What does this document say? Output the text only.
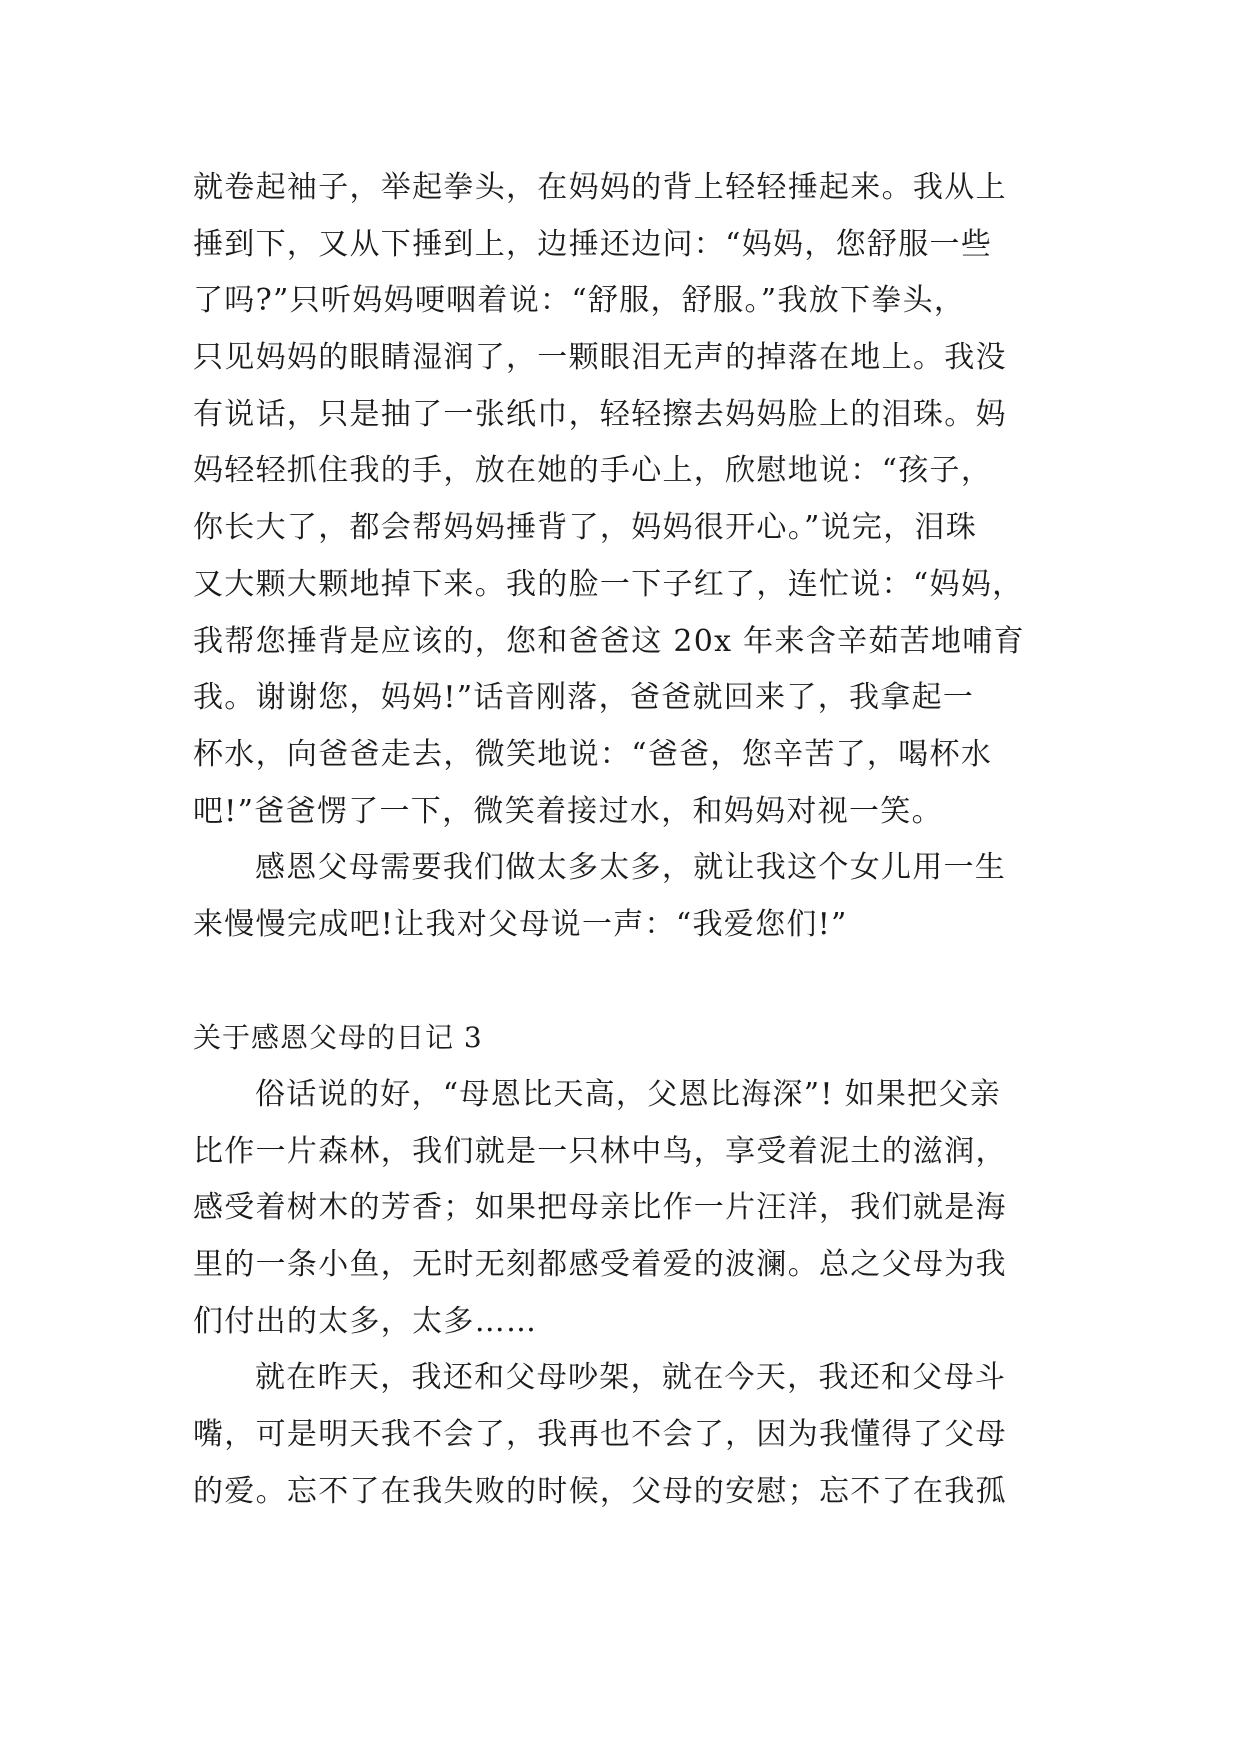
就卷起袖子，举起拳头，在妈妈的背上轻轻捶起来。我从上
捶到下，又从下捶到上，边捶还边问：“妈妈，您舒服一些
了吗?”只听妈妈哽咽着说：“舒服，舒服。”我放下拳头，
只见妈妈的眼睛湿润了，一颗眼泪无声的掉落在地上。我没
有说话，只是抽了一张纸巾，轻轻擦去妈妈脸上的泪珠。妈
妈轻轻抓住我的手，放在她的手心上，欣慰地说：“孩子，
你长大了，都会帮妈妈捶背了，妈妈很开心。”说完，泪珠
又大颗大颗地掉下来。我的脸一下子红了，连忙说：“妈妈，
我帮您捶背是应该的，您和爸爸这 20x 年来含辛茹苦地哺育
我。谢谢您，妈妈!”话音刚落，爸爸就回来了，我拿起一
杯水，向爸爸走去，微笑地说：“爸爸，您辛苦了，喝杯水
吧!”爸爸愣了一下，微笑着接过水，和妈妈对视一笑。
感恩父母需要我们做太多太多，就让我这个女儿用一生
来慢慢完成吧!让我对父母说一声：“我爱您们!”
关于感恩父母的日记 3
俗话说的好，“母恩比天高，父恩比海深”! 如果把父亲
比作一片森林，我们就是一只林中鸟，享受着泥土的滋润，
感受着树木的芳香；如果把母亲比作一片汪洋，我们就是海
里的一条小鱼，无时无刻都感受着爱的波澜。总之父母为我
们付出的太多，太多……
就在昨天，我还和父母吵架，就在今天，我还和父母斗
嘴，可是明天我不会了，我再也不会了，因为我懂得了父母
的爱。忘不了在我失败的时候，父母的安慰；忘不了在我孤
